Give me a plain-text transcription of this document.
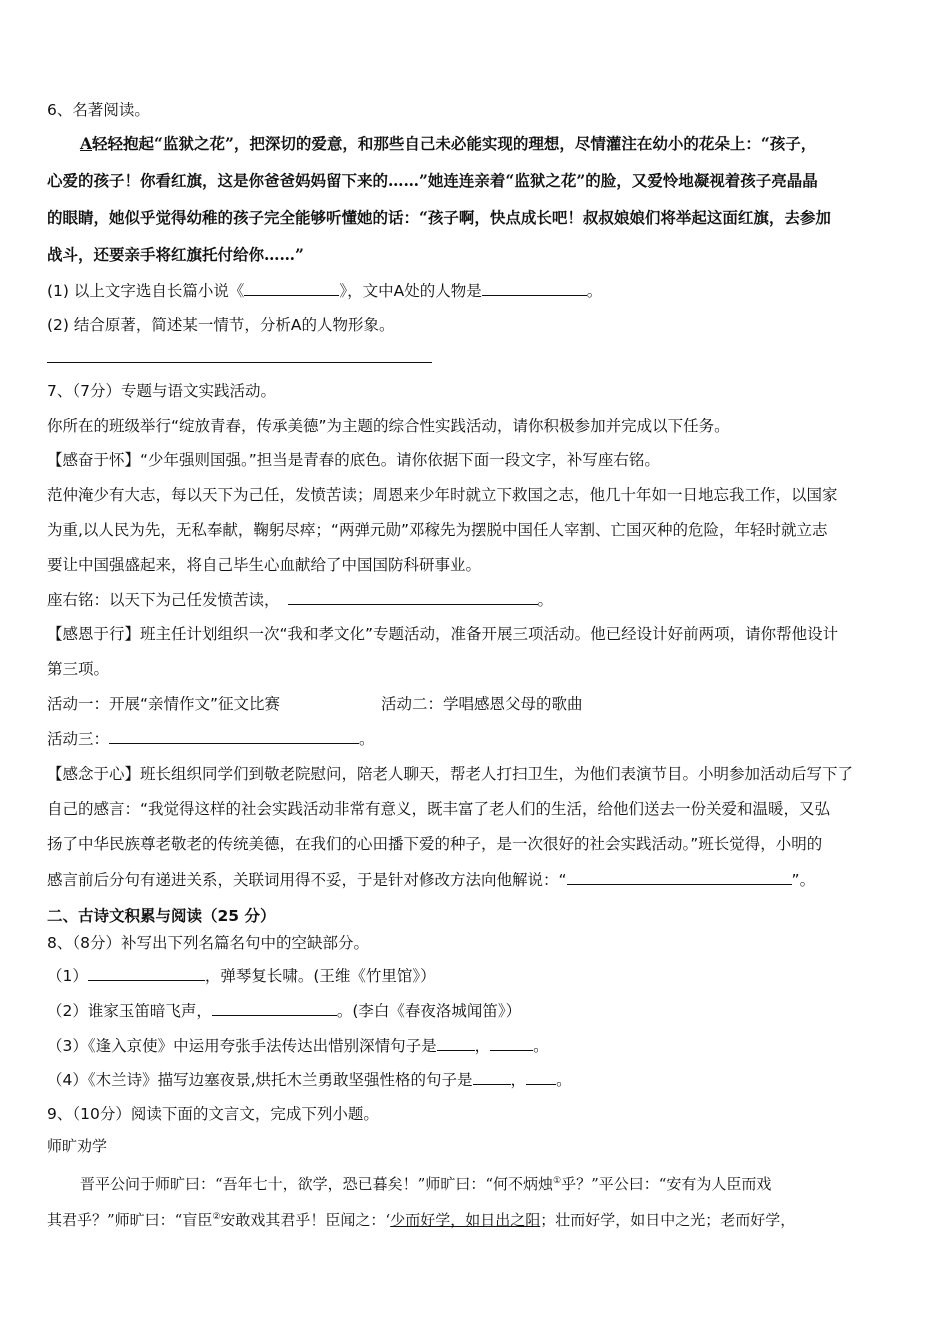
6、名著阅读。
A轻轻抱起“监狱之花”，把深切的爱意，和那些自己未必能实现的理想，尽情灌注在幼小的花朵上：“孩子，
心爱的孩子！你看红旗，这是你爸爸妈妈留下来的……”她连连亲着“监狱之花”的脸，又爱怜地凝视着孩子亮晶晶
的眼睛，她似乎觉得幼稚的孩子完全能够听懂她的话：“孩子啊，快点成长吧！叔叔娘娘们将举起这面红旗，去参加
战斗，还要亲手将红旗托付给你……”
(1) 以上文字选自长篇小说《	》，文中A处的人物是	。
(2) 结合原著，简述某一情节，分析A的人物形象。
7、（7分）专题与语文实践活动。
你所在的班级举行“绽放青春，传承美德”为主题的综合性实践活动，请你积极参加并完成以下任务。
【感奋于怀】“少年强则国强。”担当是青春的底色。请你依据下面一段文字，补写座右铭。
范仲淹少有大志，每以天下为己任，发愤苦读；周恩来少年时就立下救国之志，他几十年如一日地忘我工作，以国家
为重,以人民为先，无私奉献，鞠躬尽瘁；“两弹元勋”邓稼先为摆脱中国任人宰割、亡国灭种的危险，年轻时就立志
要让中国强盛起来，将自己毕生心血献给了中国国防科研事业。
座右铭：以天下为己任发愤苦读，	。
【感恩于行】班主任计划组织一次“我和孝文化”专题活动，准备开展三项活动。他已经设计好前两项，请你帮他设计
第三项。
活动一：开展“亲情作文”征文比赛	活动二：学唱感恩父母的歌曲
活动三：	。
【感念于心】班长组织同学们到敬老院慰问，陪老人聊天，帮老人打扫卫生，为他们表演节目。小明参加活动后写下了
自己的感言：“我觉得这样的社会实践活动非常有意义，既丰富了老人们的生活，给他们送去一份关爱和温暖，又弘
扬了中华民族尊老敬老的传统美德，在我们的心田播下爱的种子，是一次很好的社会实践活动。”班长觉得，小明的
感言前后分句有递进关系，关联词用得不妥，于是针对修改方法向他解说：“	”。
二、古诗文积累与阅读（25 分）
8、（8分）补写出下列名篇名句中的空缺部分。
（1）	，弹琴复长啸。(王维《竹里馆》）
（2）谁家玉笛暗飞声，	。(李白《春夜洛城闻笛》）
（3）《逢入京使》中运用夸张手法传达出惜别深情句子是 ，	。
（4）《木兰诗》描写边塞夜景,烘托木兰勇敢坚强性格的句子是 ， 。
9、（10分）阅读下面的文言文，完成下列小题。
师旷劝学
晋平公问于师旷曰：“吾年七十，欲学，恐已暮矣！”师旷曰：“何不炳烛①乎？”平公曰：“安有为人臣而戏
其君乎？”师旷曰：“盲臣②安敢戏其君乎！臣闻之：‘少而好学，如日出之阳；壮而好学，如日中之光；老而好学，
